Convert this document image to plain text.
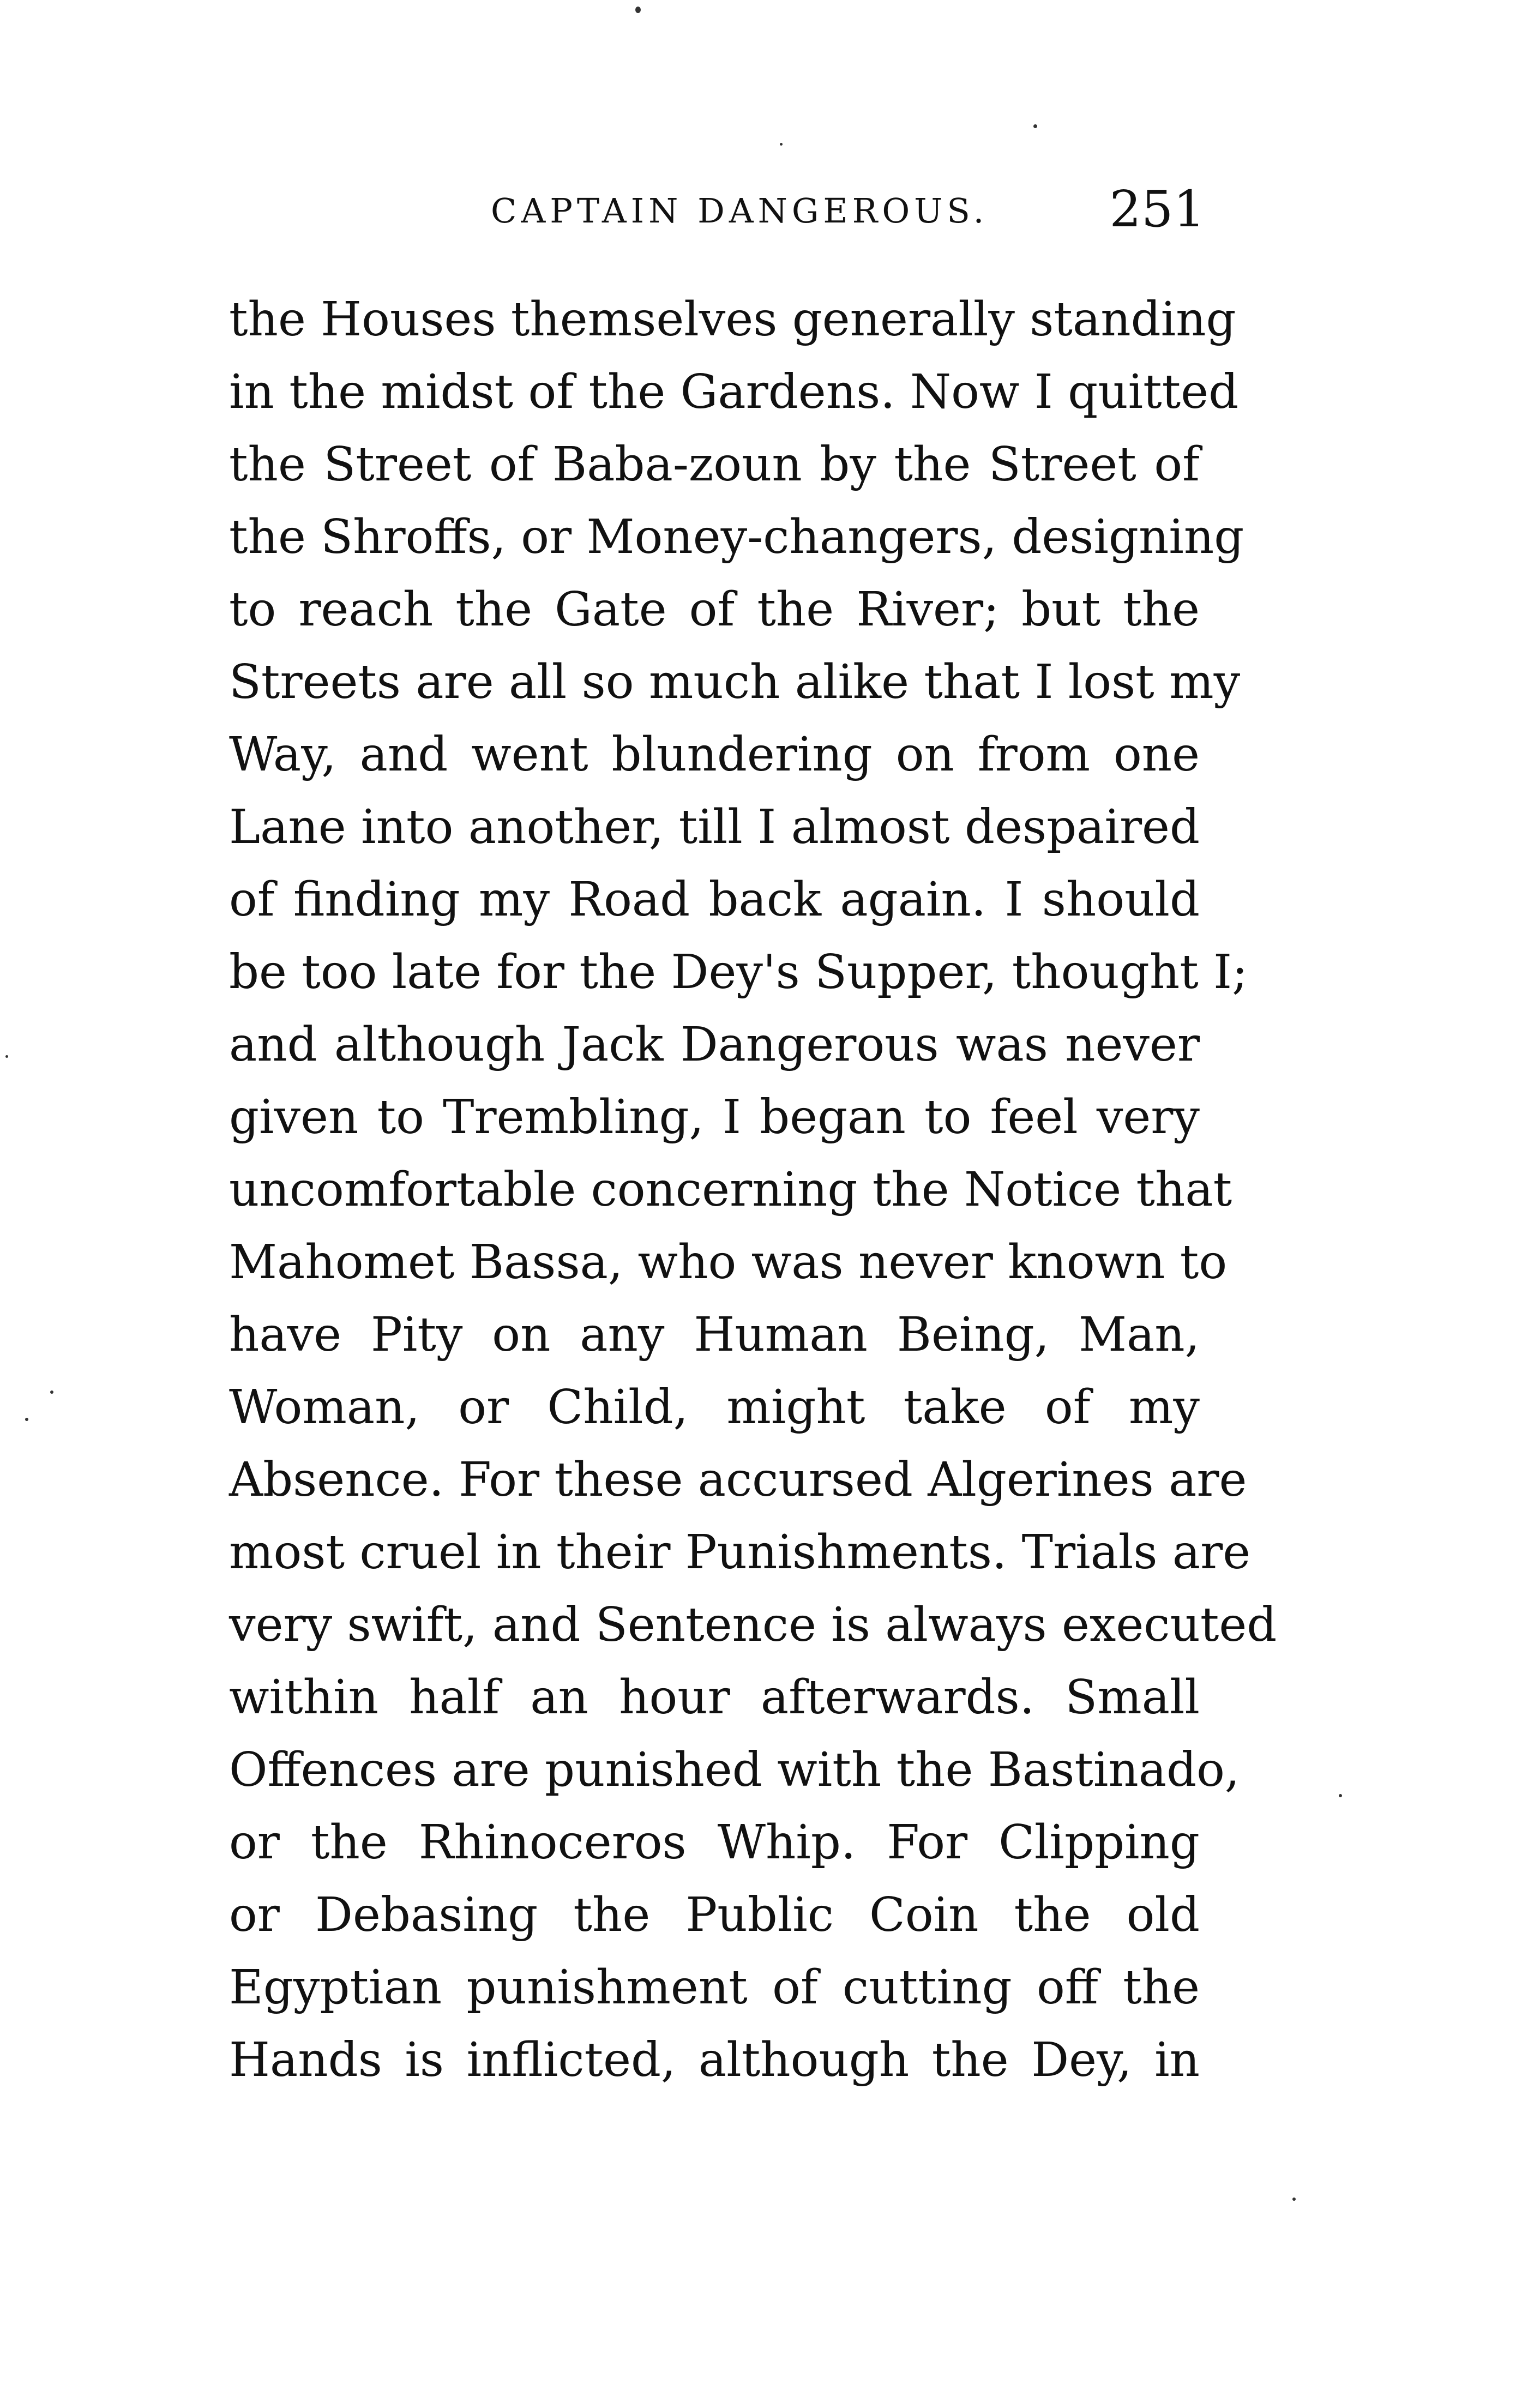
CAPTAIN DANGEROUS. 251
the Houses themselves generally standing
in the midst of the Gardens. Now I quitted
the Street of Baba-zoun by the Street of
the Shroffs, or Money-changers, designing
to reach the Gate of the River; but the
Streets are all so much alike that I lost my
Way, and went blundering on from one
Lane into another, till I almost despaired
of finding my Road back again. I should
be too late for the Dey's Supper, thought I;
and although Jack Dangerous was never
given to Trembling, I began to feel very
uncomfortable concerning the Notice that
Mahomet Bassa, who was never known to
have Pity on any Human Being, Man,
Woman, or Child, might take of my
Absence. For these accursed Algerines are
most cruel in their Punishments. Trials are
very swift, and Sentence is always executed
within half an hour afterwards. Small
Offences are punished with the Bastinado,
or the Rhinoceros Whip. For Clipping
or Debasing the Public Coin the old
Egyptian punishment of cutting off the
Hands is inflicted, although the Dey, in
